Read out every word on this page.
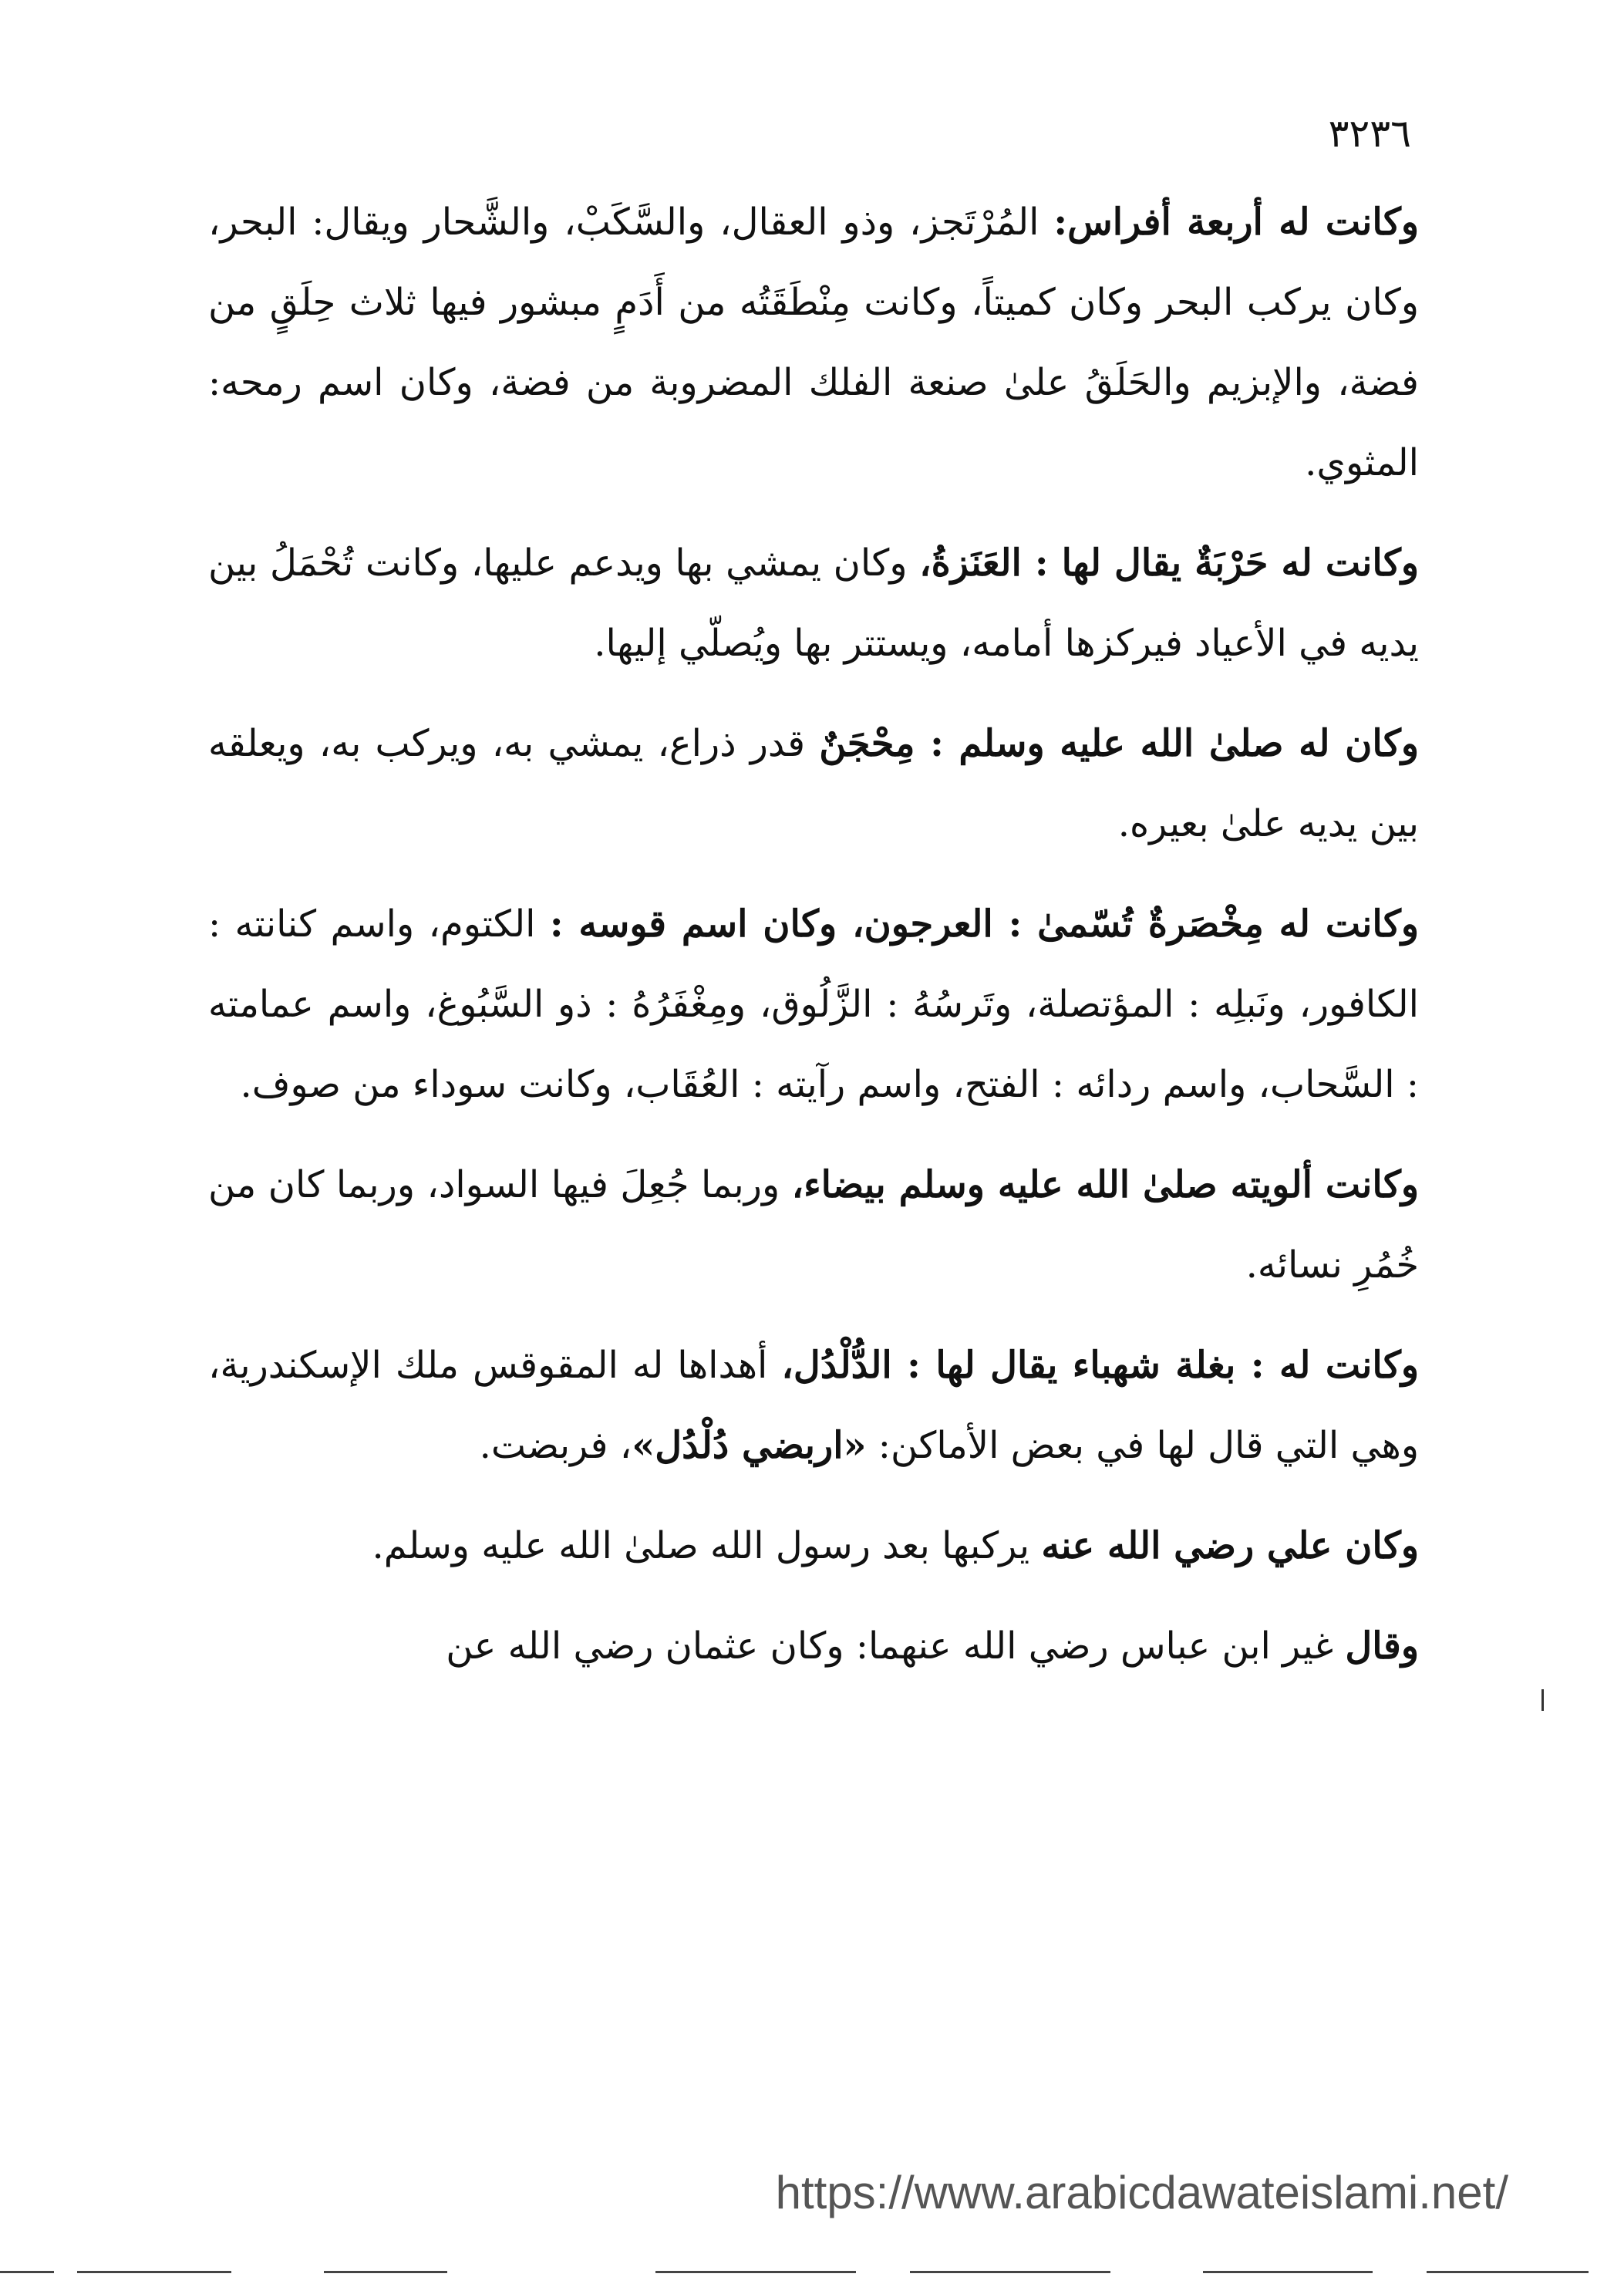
٣٢٣٦

وكانت له أربعة أفراس: المُرْتَجز، وذو العقال، والسَّكَبْ، والشَّحار ويقال: البحر، وكان يركب البحر وكان كميتاً، وكانت مِنْطَقَتُه من أَدَمٍ مبشور فيها ثلاث حِلَقٍ من فضة، والإبزيم والحَلَقُ علىٰ صنعة الفلك المضروبة من فضة، وكان اسم رمحه: المثوي.

وكانت له حَرْبَةٌ يقال لها : العَنَزةُ، وكان يمشي بها ويدعم عليها، وكانت تُحْمَلُ بين يديه في الأعياد فيركزها أمامه، ويستتر بها ويُصلّي إليها.

وكان له صلىٰ الله عليه وسلم : مِحْجَنٌ قدر ذراع، يمشي به، ويركب به، ويعلقه بين يديه علىٰ بعيره.

وكانت له مِخْصَرةٌ تُسّمىٰ : العرجون، وكان اسم قوسه : الكتوم، واسم كنانته : الكافور، ونَبلِه : المؤتصلة، وتَرسُهُ : الزَّلُوق، ومِغْفَرُهُ : ذو السَّبُوغ، واسم عمامته : السَّحاب، واسم ردائه : الفتح، واسم رآيته : العُقَاب، وكانت سوداء من صوف.

وكانت ألويته صلىٰ الله عليه وسلم بيضاء، وربما جُعِلَ فيها السواد، وربما كان من خُمُرِ نسائه.

وكانت له : بغلة شهباء يقال لها : الدُّلْدُل، أهداها له المقوقس ملك الإسكندرية، وهي التي قال لها في بعض الأماكن: «اربضي دُلْدُل»، فربضت.

وكان علي رضي الله عنه يركبها بعد رسول الله صلىٰ الله عليه وسلم.

وقال غير ابن عباس رضي الله عنهما: وكان عثمان رضي الله عن

https://www.arabicdawateislami.net/
